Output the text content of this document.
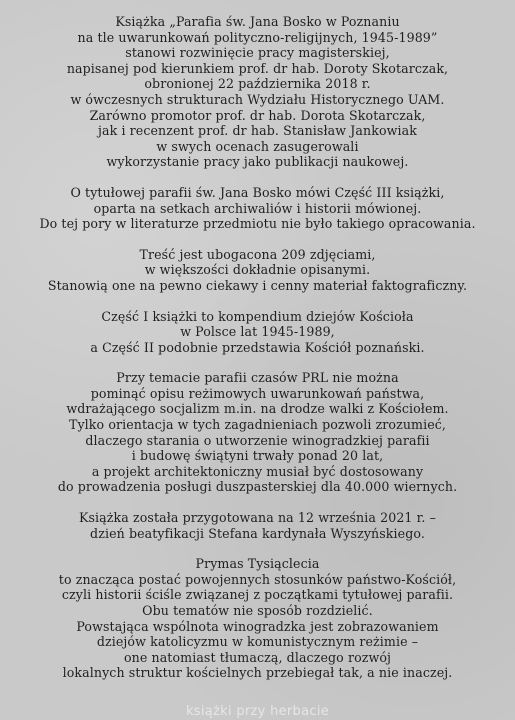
Książka „Parafia św. Jana Bosko w Poznaniu
na tle uwarunkowań polityczno-religijnych, 1945-1989”
stanowi rozwinięcie pracy magisterskiej,
napisanej pod kierunkiem prof. dr hab. Doroty Skotarczak,
obronionej 22 października 2018 r.
w ówczesnych strukturach Wydziału Historycznego UAM.
Zarówno promotor prof. dr hab. Dorota Skotarczak,
jak i recenzent prof. dr hab. Stanisław Jankowiak
w swych ocenach zasugerowali
wykorzystanie pracy jako publikacji naukowej.
O tytułowej parafii św. Jana Bosko mówi Część III książki,
oparta na setkach archiwaliów i historii mówionej.
Do tej pory w literaturze przedmiotu nie było takiego opracowania.
Treść jest ubogacona 209 zdjęciami,
w większości dokładnie opisanymi.
Stanowią one na pewno ciekawy i cenny materiał faktograficzny.
Część I książki to kompendium dziejów Kościoła
w Polsce lat 1945-1989,
a Część II podobnie przedstawia Kościół poznański.
Przy temacie parafii czasów PRL nie można
pominąć opisu reżimowych uwarunkowań państwa,
wdrażającego socjalizm m.in. na drodze walki z Kościołem.
Tylko orientacja w tych zagadnieniach pozwoli zrozumieć,
dlaczego starania o utworzenie winogradzkiej parafii
i budowę świątyni trwały ponad 20 lat,
a projekt architektoniczny musiał być dostosowany
do prowadzenia posługi duszpasterskiej dla 40.000 wiernych.
Książka została przygotowana na 12 września 2021 r. –
dzień beatyfikacji Stefana kardynała Wyszyńskiego.
Prymas Tysiąclecia
to znacząca postać powojennych stosunków państwo-Kościół,
czyli historii ściśle związanej z początkami tytułowej parafii.
Obu tematów nie sposób rozdzielić.
Powstająca wspólnota winogradzka jest zobrazowaniem
dziejów katolicyzmu w komunistycznym reżimie –
one natomiast tłumaczą, dlaczego rozwój
lokalnych struktur kościelnych przebiegał tak, a nie inaczej.
książki przy herbacie
